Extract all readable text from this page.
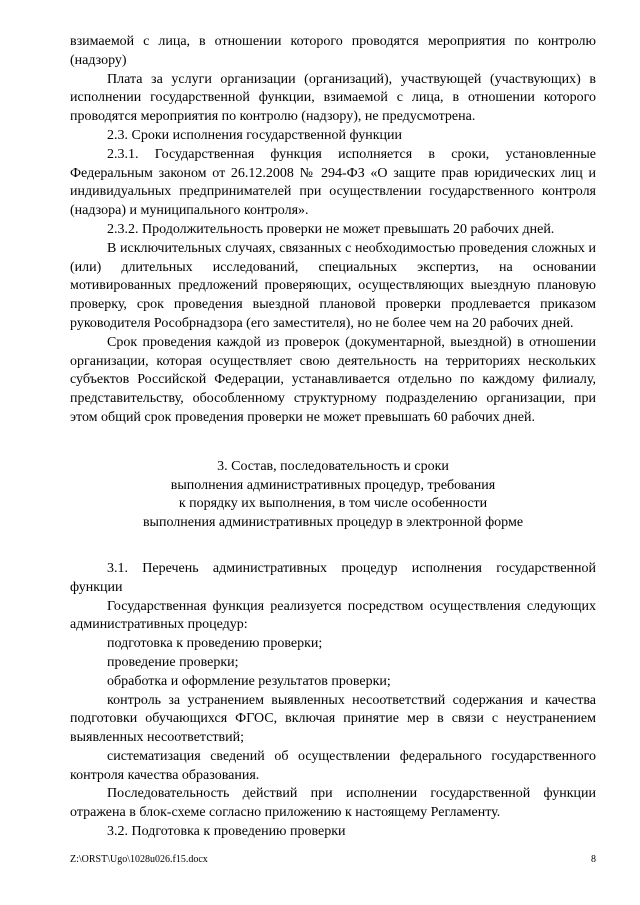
взимаемой с лица, в отношении которого проводятся мероприятия по контролю (надзору)

Плата за услуги организации (организаций), участвующей (участвующих) в исполнении государственной функции, взимаемой с лица, в отношении которого проводятся мероприятия по контролю (надзору), не предусмотрена.

2.3. Сроки исполнения государственной функции

2.3.1. Государственная функция исполняется в сроки, установленные Федеральным законом от 26.12.2008 № 294-ФЗ «О защите прав юридических лиц и индивидуальных предпринимателей при осуществлении государственного контроля (надзора) и муниципального контроля».

2.3.2. Продолжительность проверки не может превышать 20 рабочих дней.

В исключительных случаях, связанных с необходимостью проведения сложных и (или) длительных исследований, специальных экспертиз, на основании мотивированных предложений проверяющих, осуществляющих выездную плановую проверку, срок проведения выездной плановой проверки продлевается приказом руководителя Рособрнадзора (его заместителя), но не более чем на 20 рабочих дней.

Срок проведения каждой из проверок (документарной, выездной) в отношении организации, которая осуществляет свою деятельность на территориях нескольких субъектов Российской Федерации, устанавливается отдельно по каждому филиалу, представительству, обособленному структурному подразделению организации, при этом общий срок проведения проверки не может превышать 60 рабочих дней.

3. Состав, последовательность и сроки

выполнения административных процедур, требования

к порядку их выполнения, в том числе особенности

выполнения административных процедур в электронной форме

3.1. Перечень административных процедур исполнения государственной функции

Государственная функция реализуется посредством осуществления следующих административных процедур:

подготовка к проведению проверки;

проведение проверки;

обработка и оформление результатов проверки;

контроль за устранением выявленных несоответствий содержания и качества подготовки обучающихся ФГОС, включая принятие мер в связи с неустранением выявленных несоответствий;

систематизация сведений об осуществлении федерального государственного контроля качества образования.

Последовательность действий при исполнении государственной функции отражена в блок-схеме согласно приложению к настоящему Регламенту.

3.2. Подготовка к проведению проверки

Z:\ORST\Ugo\1028u026.f15.docx	8
